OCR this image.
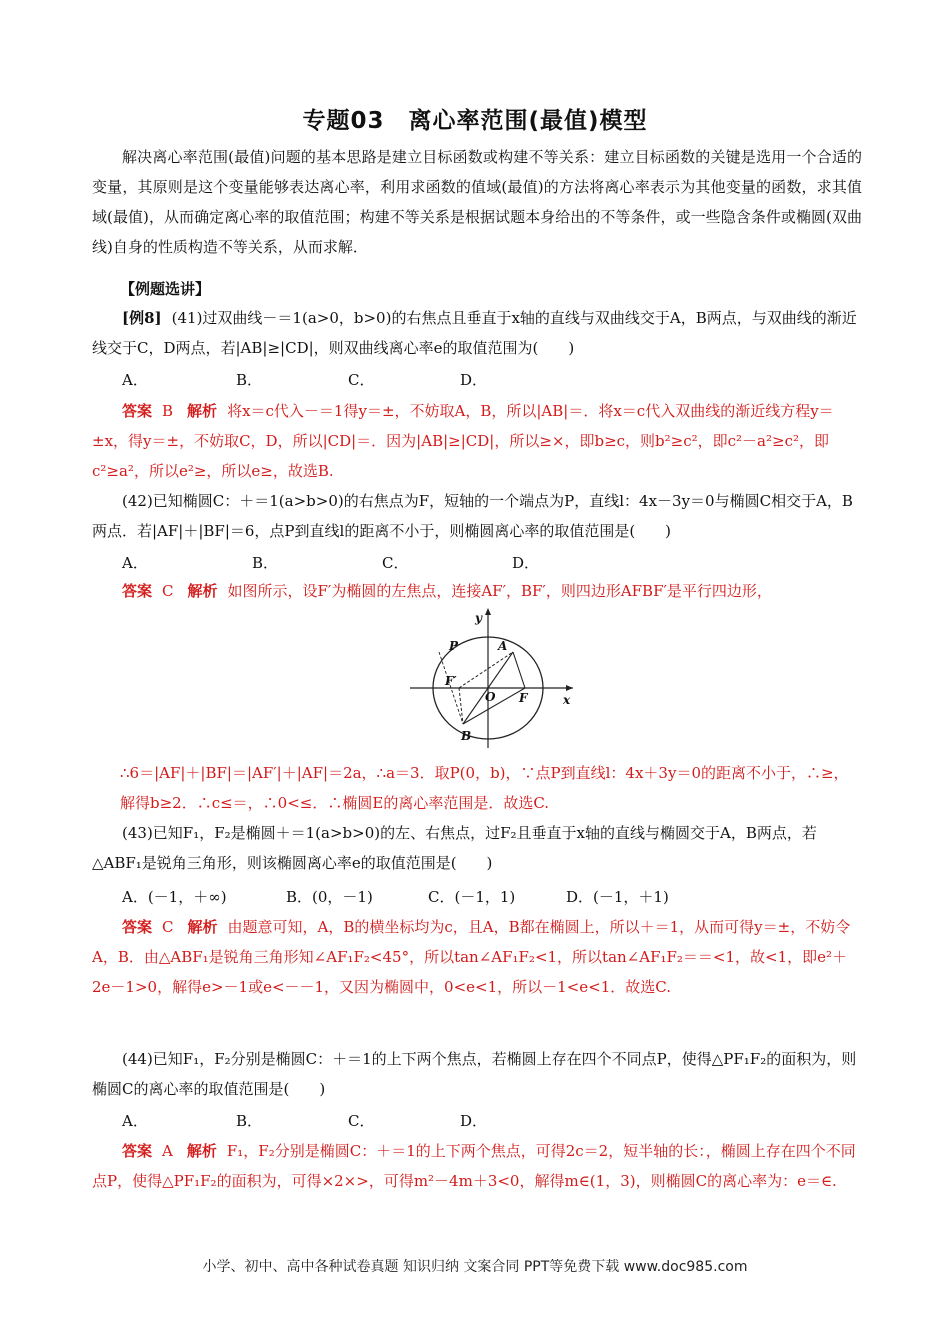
专题03　离心率范围(最值)模型
解决离心率范围(最值)问题的基本思路是建立目标函数或构建不等关系：建立目标函数的关键是选用一个合适的变量，其原则是这个变量能够表达离心率，利用求函数的值域(最值)的方法将离心率表示为其他变量的函数，求其值域(最值)，从而确定离心率的取值范围；构建不等关系是根据试题本身给出的不等条件，或一些隐含条件或椭圆(双曲线)自身的性质构造不等关系，从而求解．
【例题选讲】
[例8] (41)过双曲线－＝1(a>0，b>0)的右焦点且垂直于x轴的直线与双曲线交于A，B两点，与双曲线的渐近线交于C，D两点，若|AB|≥|CD|，则双曲线离心率e的取值范围为(　　)
A．	B．	C．	D．
答案 B 解析 将x＝c代入－＝1得y＝±，不妨取A，B，所以|AB|＝．将x＝c代入双曲线的渐近线方程y＝±x，得y＝±，不妨取C，D，所以|CD|＝．因为|AB|≥|CD|，所以≥×，即b≥c，则b²≥c²，即c²－a²≥c²，即c²≥a²，所以e²≥，所以e≥，故选B.
(42)已知椭圆C：＋＝1(a>b>0)的右焦点为F，短轴的一个端点为P，直线l：4x－3y＝0与椭圆C相交于A，B两点．若|AF|＋|BF|＝6，点P到直线l的距离不小于，则椭圆离心率的取值范围是(　　)
A．	B．	C．	D．
答案 C 解析 如图所示，设F′为椭圆的左焦点，连接AF′，BF′，则四边形AFBF′是平行四边形，
y
P	A
F′
O F	x
B
∴6＝|AF|＋|BF|＝|AF′|＋|AF|＝2a，∴a＝3．取P(0，b)，∵点P到直线l：4x＋3y＝0的距离不小于，∴≥，解得b≥2．∴c≤＝，∴0<≤．∴椭圆E的离心率范围是．故选C.
(43)已知F₁，F₂是椭圆＋＝1(a>b>0)的左、右焦点，过F₂且垂直于x轴的直线与椭圆交于A，B两点，若△ABF₁是锐角三角形，则该椭圆离心率e的取值范围是(　　)
A．(－1，＋∞)	B．(0，－1)	C．(－1，1)	D．(－1，＋1)
答案 C 解析 由题意可知，A，B的横坐标均为c，且A，B都在椭圆上，所以＋＝1，从而可得y＝±，不妨令A，B．由△ABF₁是锐角三角形知∠AF₁F₂<45°，所以tan∠AF₁F₂<1，所以tan∠AF₁F₂＝＝<1，故<1，即e²＋2e－1>0，解得e>－1或e<－－1，又因为椭圆中，0<e<1，所以－1<e<1．故选C.
(44)已知F₁，F₂分别是椭圆C：＋＝1的上下两个焦点，若椭圆上存在四个不同点P，使得△PF₁F₂的面积为，则椭圆C的离心率的取值范围是(　　)
A．	B．	C．	D．
答案 A 解析 F₁，F₂分别是椭圆C：＋＝1的上下两个焦点，可得2c＝2，短半轴的长：，椭圆上存在四个不同点P，使得△PF₁F₂的面积为，可得×2×>，可得m²－4m＋3<0，解得m∈(1，3)，则椭圆C的离心率为：e＝∈.
小学、初中、高中各种试卷真题 知识归纳 文案合同 PPT等免费下载 www.doc985.com
